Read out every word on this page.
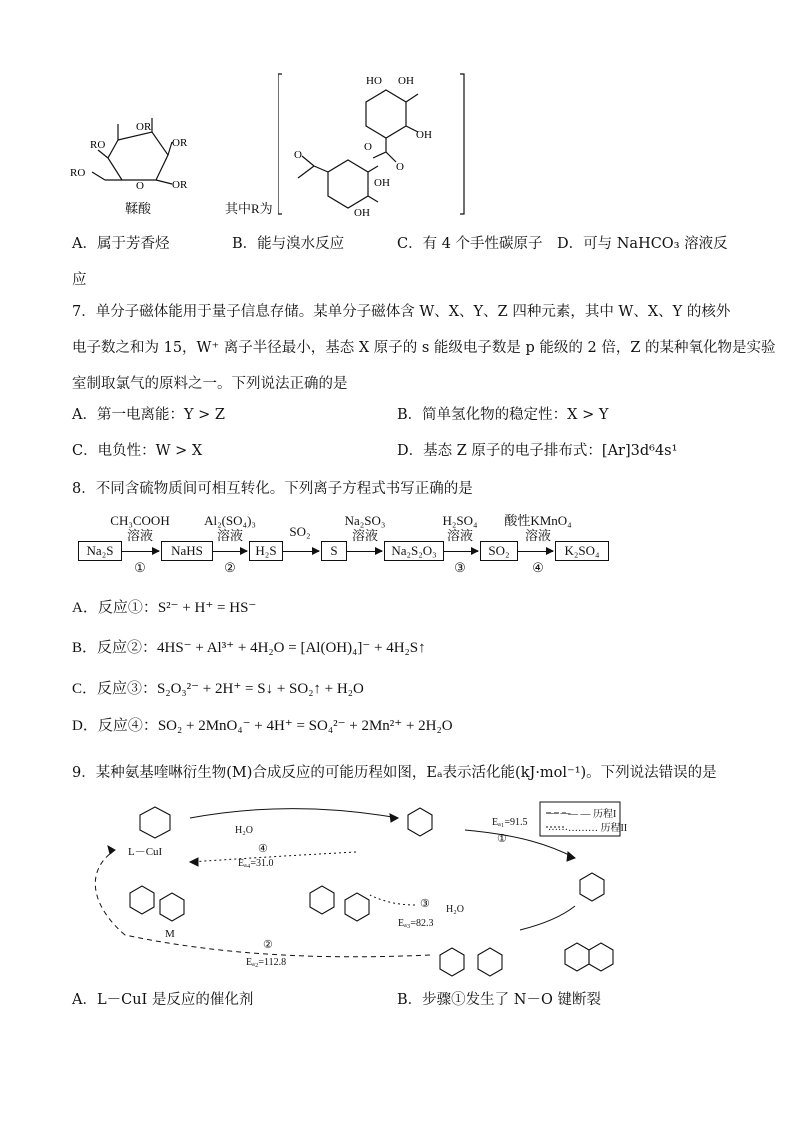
OR
RO	OR
RO
O	OR
鞣酸	其中R为
HO OH
OH
O
O
OH
OH
O
A．属于芳香烃	B．能与溴水反应	C．有 4 个手性碳原子 D．可与 NaHCO₃ 溶液反
应
7．单分子磁体能用于量子信息存储。某单分子磁体含 W、X、Y、Z 四种元素，其中 W、X、Y 的核外
电子数之和为 15，W⁺ 离子半径最小，基态 X 原子的 s 能级电子数是 p 能级的 2 倍，Z 的某种氧化物是实验
室制取氯气的原料之一。下列说法正确的是
A．第一电离能：Y > Z	B．简单氢化物的稳定性：X > Y
C．电负性：W > X	D．基态 Z 原子的电子排布式：[Ar]3d⁶4s¹
8．不同含硫物质间可相互转化。下列离子方程式书写正确的是
Na₂S	NaHS	H₂S	S	Na₂S₂O₃	SO₂	K₂SO₄
CH₃COOH
溶液
①
Al₂(SO₄)₃
溶液
②
SO₂
Na₂SO₃
溶液
H₂SO₄
溶液
③
酸性KMnO₄
溶液
④
A．反应①：S²⁻ + H⁺ = HS⁻
B．反应②：4HS⁻ + Al³⁺ + 4H₂O = [Al(OH)₄]⁻ + 4H₂S↑
C．反应③：S₂O₃²⁻ + 2H⁺ = S↓ + SO₂↑ + H₂O
D．反应④：SO₂ + 2MnO₄⁻ + 4H⁺ = SO₄²⁻ + 2Mn²⁺ + 2H₂O
9．某种氨基喹啉衍生物(M)合成反应的可能历程如图，Eₐ表示活化能(kJ·mol⁻¹)。下列说法错误的是
— —
……
— — 历程I
……… 历程II
L－CuI
Eₐ₁=91.5
①
④
H₂O
Eₐ₄=31.0
③ H₂O
Eₐ₃=82.3
M
②
Eₐ₂=112.8
A．L－CuI 是反应的催化剂	B．步骤①发生了 N－O 键断裂
